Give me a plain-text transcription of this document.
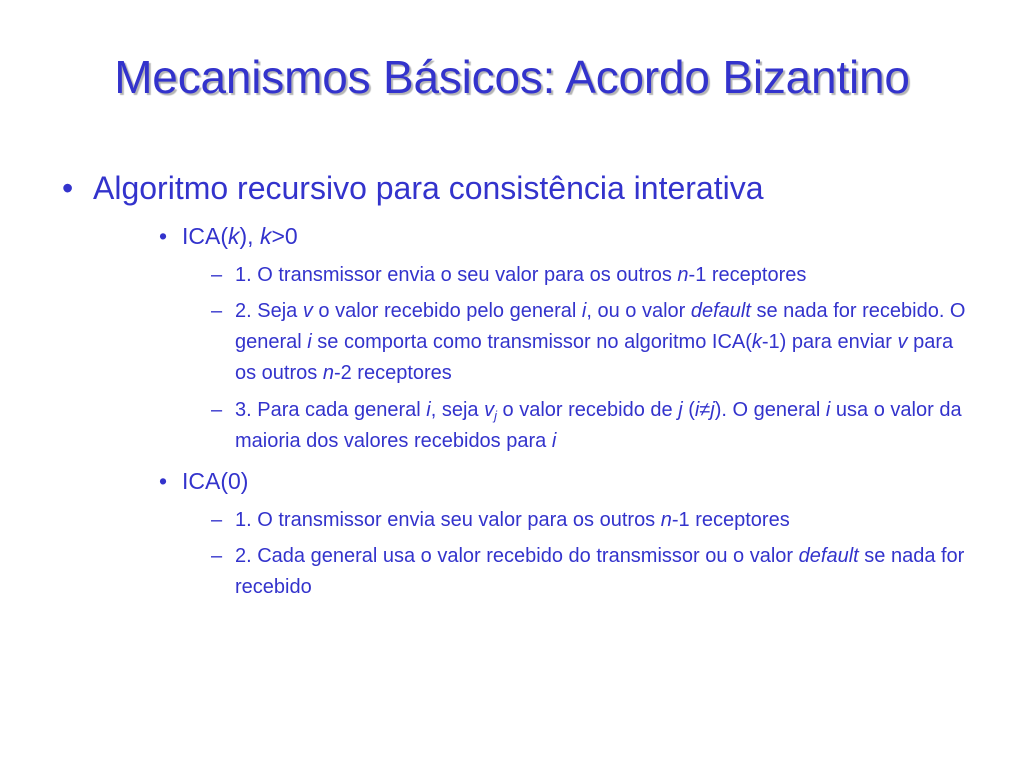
Mecanismos Básicos: Acordo Bizantino
• Algoritmo recursivo para consistência interativa
• ICA(k), k>0
– 1. O transmissor envia o seu valor para os outros n-1 receptores
– 2. Seja v o valor recebido pelo general i, ou o valor default se nada for recebido. O general i se comporta como transmissor no algoritmo ICA(k-1) para enviar v para os outros n-2 receptores
– 3. Para cada general i, seja $v_j$ o valor recebido de j (i≠j). O general i usa o valor da maioria dos valores recebidos para i
• ICA(0)
– 1. O transmissor envia seu valor para os outros n-1 receptores
– 2. Cada general usa o valor recebido do transmissor ou o valor default se nada for recebido
